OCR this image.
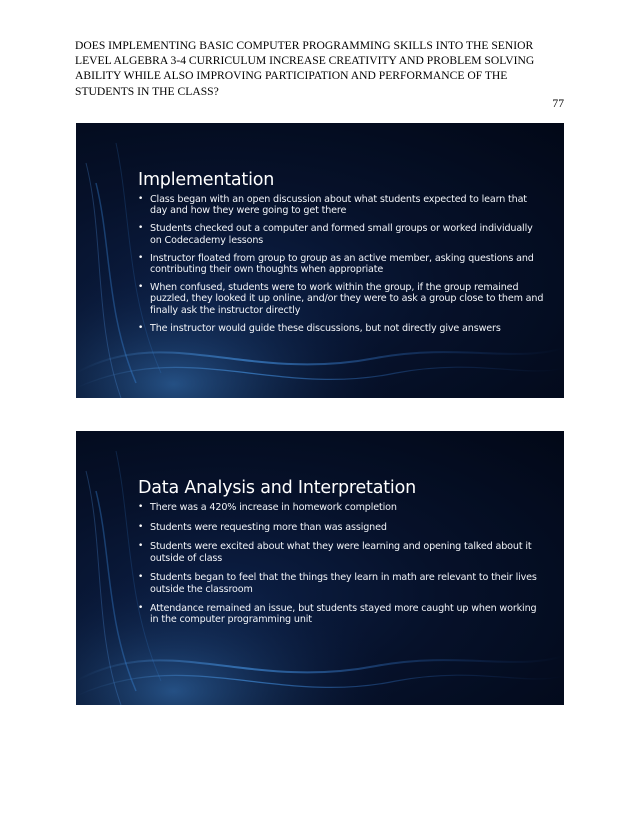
DOES IMPLEMENTING BASIC COMPUTER PROGRAMMING SKILLS INTO THE SENIOR LEVEL ALGEBRA 3-4 CURRICULUM INCREASE CREATIVITY AND PROBLEM SOLVING ABILITY WHILE ALSO IMPROVING PARTICIPATION AND PERFORMANCE OF THE STUDENTS IN THE CLASS?
77
Implementation
• Class began with an open discussion about what students expected to learn that day and how they were going to get there
• Students checked out a computer and formed small groups or worked individually on Codecademy lessons
• Instructor floated from group to group as an active member, asking questions and contributing their own thoughts when appropriate
• When confused, students were to work within the group, if the group remained puzzled, they looked it up online, and/or they were to ask a group close to them and finally ask the instructor directly
• The instructor would guide these discussions, but not directly give answers
Data Analysis and Interpretation
• There was a 420% increase in homework completion
• Students were requesting more than was assigned
• Students were excited about what they were learning and opening talked about it outside of class
• Students began to feel that the things they learn in math are relevant to their lives outside the classroom
• Attendance remained an issue, but students stayed more caught up when working in the computer programming unit
